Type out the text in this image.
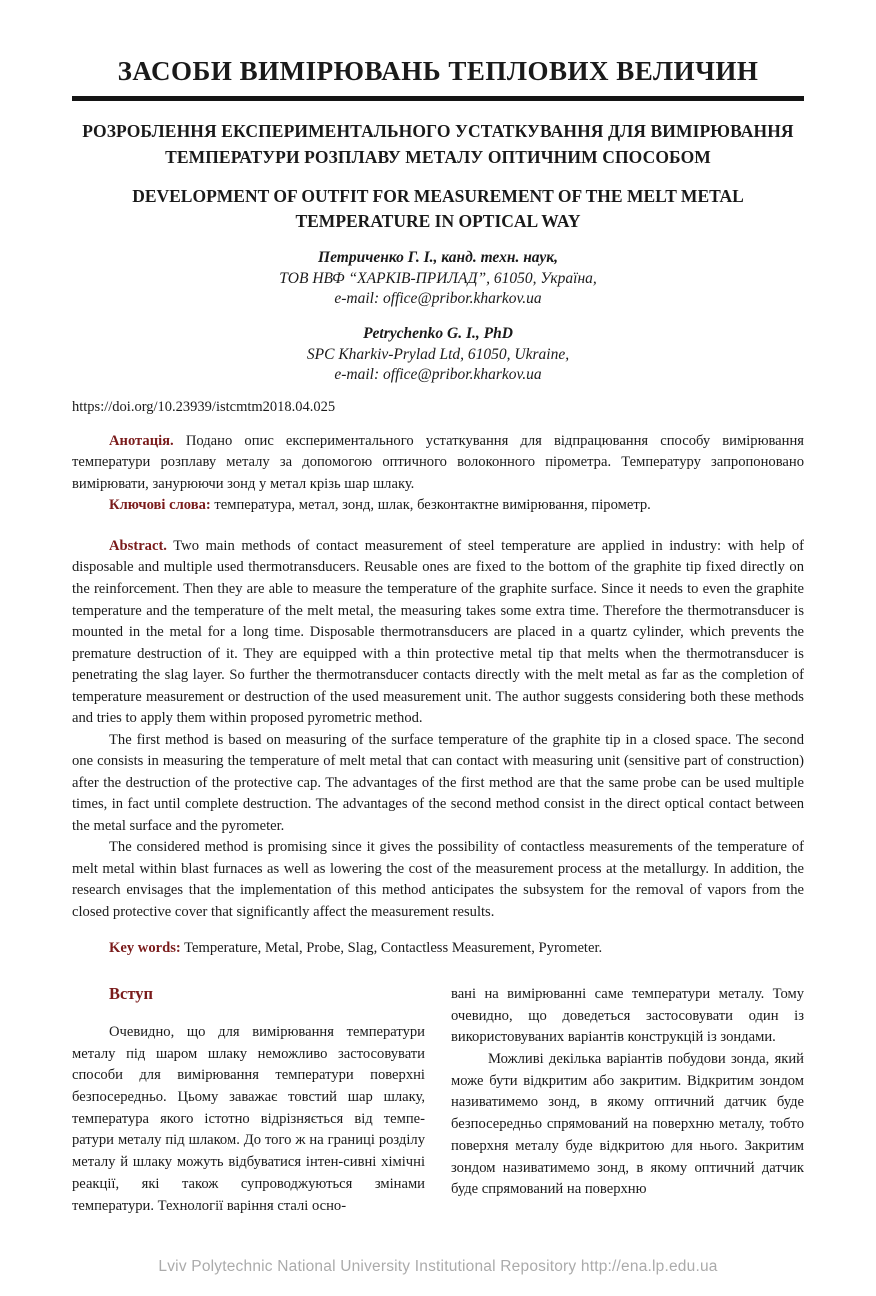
ЗАСОБИ ВИМІРЮВАНЬ ТЕПЛОВИХ ВЕЛИЧИН
РОЗРОБЛЕННЯ ЕКСПЕРИМЕНТАЛЬНОГО УСТАТКУВАННЯ ДЛЯ ВИМІРЮВАННЯ ТЕМПЕРАТУРИ РОЗПЛАВУ МЕТАЛУ ОПТИЧНИМ СПОСОБОМ
DEVELOPMENT OF OUTFIT FOR MEASUREMENT OF THE MELT METAL TEMPERATURE IN OPTICAL WAY
Петриченко Г. І., канд. техн. наук,
ТОВ НВФ “ХАРКІВ-ПРИЛАД”, 61050, Україна,
e-mail: office@pribor.kharkov.ua
Petrychenko G. I., PhD
SPC Kharkiv-Prylad Ltd, 61050, Ukraine,
e-mail: office@pribor.kharkov.ua
https://doi.org/10.23939/istcmtm2018.04.025

Анотація. Подано опис експериментального устаткування для відпрацювання способу вимірювання температури розплаву металу за допомогою оптичного волоконного пірометра. Температуру запропоновано вимірювати, занурюючи зонд у метал крізь шар шлаку.

Ключові слова: температура, метал, зонд, шлак, безконтактне вимірювання, пірометр.

Abstract. Two main methods of contact measurement of steel temperature are applied in industry: with help of disposable and multiple used thermotransducers. Reusable ones are fixed to the bottom of the graphite tip fixed directly on the reinforcement. Then they are able to measure the temperature of the graphite surface. Since it needs to even the graphite temperature and the temperature of the melt metal, the measuring takes some extra time. Therefore the thermotransducer is mounted in the metal for a long time. Disposable thermotransducers are placed in a quartz cylinder, which prevents the premature destruction of it. They are equipped with a thin protective metal tip that melts when the thermotransducer is penetrating the slag layer. So further the thermotransducer contacts directly with the melt metal as far as the completion of temperature measurement or destruction of the used measurement unit. The author suggests considering both these methods and tries to apply them within proposed pyrometric method.

The first method is based on measuring of the surface temperature of the graphite tip in a closed space. The second one consists in measuring the temperature of melt metal that can contact with measuring unit (sensitive part of construction) after the destruction of the protective cap. The advantages of the first method are that the same probe can be used multiple times, in fact until complete destruction. The advantages of the second method consist in the direct optical contact between the metal surface and the pyrometer.

The considered method is promising since it gives the possibility of contactless measurements of the temperature of melt metal within blast furnaces as well as lowering the cost of the measurement process at the metallurgy. In addition, the research envisages that the implementation of this method anticipates the subsystem for the removal of vapors from the closed protective cover that significantly affect the measurement results.

Key words: Temperature, Metal, Probe, Slag, Contactless Measurement, Pyrometer.

Вступ

Очевидно, що для вимірювання температури металу під шаром шлаку неможливо застосовувати способи для вимірювання температури поверхні безпосередньо. Цьому заважає товстий шар шлаку, температура якого істотно відрізняється від темпе-ратури металу під шлаком. До того ж на границі розділу металу й шлаку можуть відбуватися інтен-сивні хімічні реакції, які також супроводжуються змінами температури. Технології варіння сталі осно-

вані на вимірюванні саме температури металу. Тому очевидно, що доведеться застосовувати один із використовуваних варіантів конструкцій із зондами.

Можливі декілька варіантів побудови зонда, який може бути відкритим або закритим. Відкритим зондом називатимемо зонд, в якому оптичний датчик буде безпосередньо спрямований на поверхню металу, тобто поверхня металу буде відкритою для нього. Закритим зондом називатимемо зонд, в якому оптичний датчик буде спрямований на поверхню

Lviv Polytechnic National University Institutional Repository http://ena.lp.edu.ua
